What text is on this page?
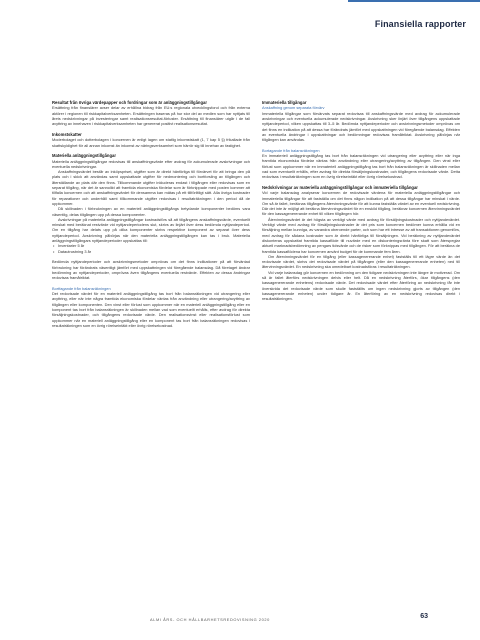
Finansiella rapporter
Resultat från övriga värdepapper och fordringar som är anläggningstillgångar

Ersättning från finansiärer avser delar av erhållna bidrag från EU:s regionala utvecklingsfond och från externa aktörer i regionen till riskkapitalverksamheten. Ersättningen baseras på hur stor del av medlen som har nyttjats till årets nedskrivningar på investeringar samt realisationsresultat-förluster. Ersättning till finansiärer utgår i de fall avyttring av innehaven i riskkapitalverksamheten har genererat positivt realisationsresultat.

Inkomstskatter

Moderbolaget och dotterbolagen i koncernen är enligt lagen om statlig inkomstskatt (1, 7 kap 5 §) frikallade från skattskyldighet för all annan inkomst än inkomst av näringsverksamhet som härrör sig till innehav av fastighet.

Materiella anläggningstillgångar

Materiella anläggningstillgångar redovisas till anskaffningsvärde efter avdrag för ackumulerade avskrivningar och eventuella nedskrivningar.

Anskaffningsvärdet består av inköpspriset, utgifter som är direkt hänförliga till förvärvet för att bringa den på plats och i skick att användas samt uppskattade utgifter för nedmontering och bortforsling av tillgången och återställande av plats där den finns. Tillkommande utgifter inkluderas endast i tillgången eller redovisas som en separat tillgång, när det är sannolikt att framtida ekonomiska fördelar som är förknippade med posten kommer att tillfalla koncernen och att anskaffningsvärdet för densamma kan mätas på ett tillförlitligt sätt. Alla övriga kostnader för reparationer och underhåll samt tillkommande utgifter redovisas i resultaträkningen i den period då de uppkommer.

Då skillnaden i förbrukningen av en materiell anläggningstillgångs betydande komponenter bedöms vara väsentlig, delas tillgången upp på dessa komponenter.

Avskrivningar på materiella anläggningstillgångar kostnadsförs så att tillgångens anskaffningsvärde, eventuellt minskat med beräknat restvärde vid nyttjandeperiodens slut, skrivs av linjärt över dess bedömda nyttjandeperiod. Om en tillgång har delats upp på olika komponenter skrivs respektive komponent av separat över dess nyttjandeperiod. Avskrivning påbörjas när den materiella anläggningstillgången kan tas i bruk. Materiella anläggningstillgångars nyttjandeperioder uppskattas till:

• Inventarier 5 år
• Datautrustning 3 år

Bedömda nyttjandeperioder och avskrivningsmetoder omprövas om det finns indikationer på att förväntad förbrukning har förändrats väsentligt jämfört med uppskattningen vid föregående balansdag. Då företaget ändrar bedömning av nyttjandeperioder, omprövas även tillgångens eventuella restvärde. Effekten av dessa ändringar redovisas framåtriktat.

Bortfagande från balansräkningen

Det redovisade värdet för en materiell anläggningstillgång tas bort från balansräkningen vid utrangering eller avyttring, eller när inte några framtida ekonomiska fördelar väntas från användning eller utrangering/avyttring av tillgången eller komponenten. Den vinst eller förlust som uppkommer när en materiell anläggningstillgång eller en komponent tas bort från balansräkningen är skillnaden mellan vad som eventuellt erhålls, efter avdrag för direkta försäljningskostnader, och tillgångens redovisade värde. Den realisationsvinst eller realisationsförlust som uppkommer när en materiell anläggningstillgång eller en komponent tas bort från balansräkningen redovisas i resultaträkningen som en övrig rörelseintäkt eller övrig rörelsekostnad.

Immateriella tillgångar
Anskaffning genom separata förvärv

Immateriella tillgångar som förvärvats separat redovisas till anskaffningsvärde med avdrag för ackumulerade avskrivningar och eventuella ackumulerade nedskrivningar. Avskrivning sker linjärt över tillgångens uppskattade nyttjandeperiod, vilken uppskattas till 3–5 år. Bedömda nyttjandeperioder och avskrivningsmetoder omprövas om det finns en indikation på att dessa har förändrats jämfört med uppskattningen vid föregående balansdag. Effekten av eventuella ändringar i uppskattningar och bedömningar redovisas framåtriktat. Avskrivning påbörjas när tillgången kan användas.

Bortagande från balansräkningen

En immateriell anläggningstillgång tas bort från balansräkningen vid utrangering eller avyttring eller när inga framtida ekonomiska fördelar väntas från användning eller utrangering/avyttring av tillgången. Den vinst eller förlust som uppkommer när en immateriell anläggningstillgång tas bort från balansräkningen är skillnaden mellan vad som eventuellt erhålls, efter avdrag för direkta försäljningskostnader, och tillgångens redovisade värde. Detta redovisas i resultaträkningen som en övrig rörelseintäkt eller övrig rörelsekostnad.

Nedskrivningar av materiella anläggningstillgångar och immateriella tillgångar

Vid varje balansdag analyserar koncernen de redovisade värdena för materiella anläggningstillgångar och immateriella tillgångar för att fastställa om det finns någon indikation på att dessa tillgångar har minskat i värde. Om så är fallet, beräknas tillgångens återvinningsvärde för att kunna fastställa värdet av en eventuell nedskrivning. Där det inte är möjligt att beräkna återvinningsvärdet för en enskild tillgång, beräknar koncernen återvinningsvärdet för den kassagenererande enhet till vilken tillgången hör.

Återvinningsvärdet är det högsta av verkligt värde med avdrag för försäljningskostnader och nyttjandevärdet. Verkligt värde med avdrag för försäljningskostnader är det pris som koncernen bedömer kunna erhålla vid en försäljning mellan kunniga, av varandra oberoende parter, och som har ett intresse av att transaktionen genomförs, med avdrag för sådana kostnader som är direkt hänförliga till försäljningen. Vid beräkning av nyttjandevärdet diskonteras uppskattat framtida kassaflöde till nuvärde med en diskonteringsränta före skatt som återspeglar aktuell marknadsbedömning av pengars tidsvärde och de risker som förknippas med tillgången. För att beräkna de framtida kassaflödena har koncernen använt budget för de kommande fem åren.

Om återvinningsvärdet för en tillgång (eller kassagenererande enhet) fastställs till ett lägre värde än det redovisade värdet, skrivs det redovisade värdet på tillgången (eller den kassagenererande enheten) ned till återvinningsvärdet. En nedskrivning ska omedelbart kostnadsföras i resultaträkningen.

Vid varje balansdag gör koncernen en bedömning om den tidigare nedskrivningen inte längre är motiverad. Om så är fallet återförs nedskrivningen delvis eller helt. Då en nedskrivning återförs, ökar tillgångens (den kassagenererande enhetens) redovisade värde. Det redovisade värdet efter återföring av nedskrivning får inte överskrida det redovisade värde som skulle fastställts om ingen nedskrivning gjorts av tillgången (den kassagenererande enheten) under tidigare år. En återföring av en nedskrivning redovisas direkt i resultaträkningen.

ALMI ÅRS- OCH HÅLLBARHETSREDOVISNING 2020	63
